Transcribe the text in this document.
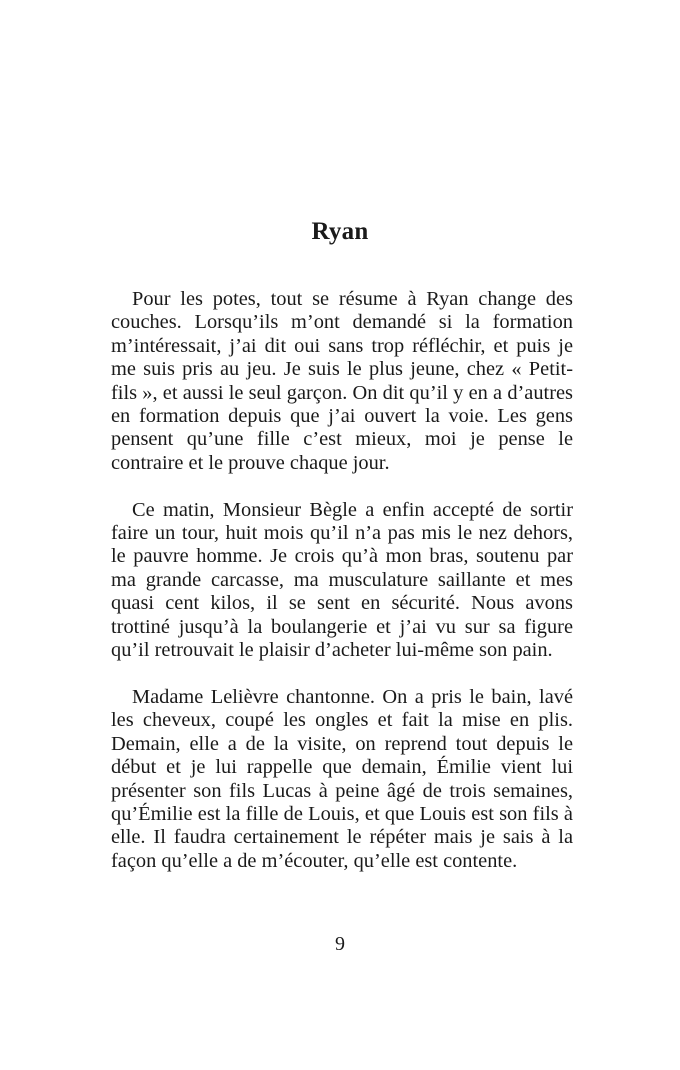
Ryan

Pour les potes, tout se résume à Ryan change des couches. Lorsqu’ils m’ont demandé si la formation m’intéressait, j’ai dit oui sans trop réfléchir, et puis je me suis pris au jeu. Je suis le plus jeune, chez « Petit-fils », et aussi le seul garçon. On dit qu’il y en a d’autres en formation depuis que j’ai ouvert la voie. Les gens pensent qu’une fille c’est mieux, moi je pense le contraire et le prouve chaque jour.

Ce matin, Monsieur Bègle a enfin accepté de sortir faire un tour, huit mois qu’il n’a pas mis le nez dehors, le pauvre homme. Je crois qu’à mon bras, soutenu par ma grande carcasse, ma musculature saillante et mes quasi cent kilos, il se sent en sécurité. Nous avons trottiné jusqu’à la boulangerie et j’ai vu sur sa figure qu’il retrouvait le plaisir d’acheter lui-même son pain.

Madame Lelièvre chantonne. On a pris le bain, lavé les cheveux, coupé les ongles et fait la mise en plis. Demain, elle a de la visite, on reprend tout depuis le début et je lui rappelle que demain, Émilie vient lui présenter son fils Lucas à peine âgé de trois semaines, qu’Émilie est la fille de Louis, et que Louis est son fils à elle. Il faudra certainement le répéter mais je sais à la façon qu’elle a de m’écouter, qu’elle est contente.

9
